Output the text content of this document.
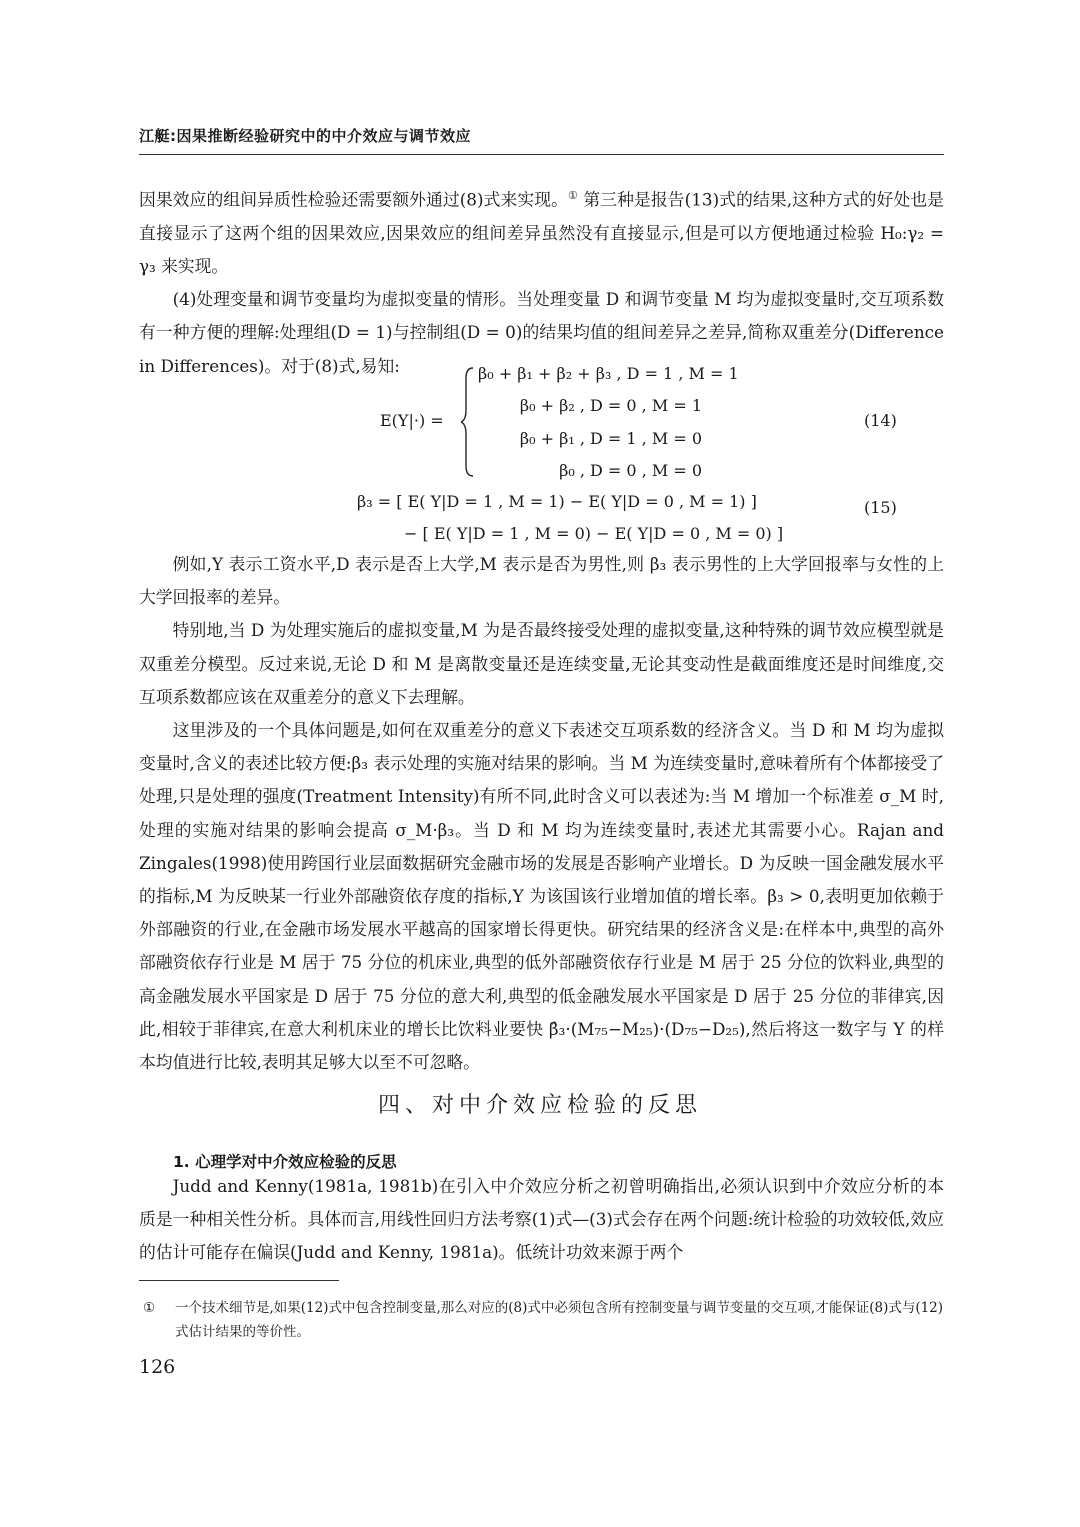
江艇:因果推断经验研究中的中介效应与调节效应

因果效应的组间异质性检验还需要额外通过(8)式来实现。① 第三种是报告(13)式的结果,这种方式的好处也是直接显示了这两个组的因果效应,因果效应的组间差异虽然没有直接显示,但是可以方便地通过检验 H₀:γ₂ = γ₃ 来实现。

(4)处理变量和调节变量均为虚拟变量的情形。当处理变量 D 和调节变量 M 均为虚拟变量时,交互项系数有一种方便的理解:处理组(D = 1)与控制组(D = 0)的结果均值的组间差异之差异,简称双重差分(Difference in Differences)。对于(8)式,易知:

E(Y|·) =
β₀ + β₁ + β₂ + β₃ , D = 1 , M = 1
β₀ + β₂ , D = 0 , M = 1
β₀ + β₁ , D = 1 , M = 0
β₀ , D = 0 , M = 0
(14)
β₃ = [ E( Y|D = 1 , M = 1) − E( Y|D = 0 , M = 1) ]
− [ E( Y|D = 1 , M = 0) − E( Y|D = 0 , M = 0) ]
(15)

例如,Y 表示工资水平,D 表示是否上大学,M 表示是否为男性,则 β₃ 表示男性的上大学回报率与女性的上大学回报率的差异。

特别地,当 D 为处理实施后的虚拟变量,M 为是否最终接受处理的虚拟变量,这种特殊的调节效应模型就是双重差分模型。反过来说,无论 D 和 M 是离散变量还是连续变量,无论其变动性是截面维度还是时间维度,交互项系数都应该在双重差分的意义下去理解。

这里涉及的一个具体问题是,如何在双重差分的意义下表述交互项系数的经济含义。当 D 和 M 均为虚拟变量时,含义的表述比较方便:β₃ 表示处理的实施对结果的影响。当 M 为连续变量时,意味着所有个体都接受了处理,只是处理的强度(Treatment Intensity)有所不同,此时含义可以表述为:当 M 增加一个标准差 σ_M 时,处理的实施对结果的影响会提高 σ_M·β₃。当 D 和 M 均为连续变量时,表述尤其需要小心。Rajan and Zingales(1998)使用跨国行业层面数据研究金融市场的发展是否影响产业增长。D 为反映一国金融发展水平的指标,M 为反映某一行业外部融资依存度的指标,Y 为该国该行业增加值的增长率。β₃ > 0,表明更加依赖于外部融资的行业,在金融市场发展水平越高的国家增长得更快。研究结果的经济含义是:在样本中,典型的高外部融资依存行业是 M 居于 75 分位的机床业,典型的低外部融资依存行业是 M 居于 25 分位的饮料业,典型的高金融发展水平国家是 D 居于 75 分位的意大利,典型的低金融发展水平国家是 D 居于 25 分位的菲律宾,因此,相较于菲律宾,在意大利机床业的增长比饮料业要快 β̂₃·(M₇₅−M₂₅)·(D₇₅−D₂₅),然后将这一数字与 Y 的样本均值进行比较,表明其足够大以至不可忽略。

四、对中介效应检验的反思
1. 心理学对中介效应检验的反思

Judd and Kenny(1981a, 1981b)在引入中介效应分析之初曾明确指出,必须认识到中介效应分析的本质是一种相关性分析。具体而言,用线性回归方法考察(1)式—(3)式会存在两个问题:统计检验的功效较低,效应的估计可能存在偏误(Judd and Kenny, 1981a)。低统计功效来源于两个

① 一个技术细节是,如果(12)式中包含控制变量,那么对应的(8)式中必须包含所有控制变量与调节变量的交互项,才能保证(8)式与(12)式估计结果的等价性。
126
